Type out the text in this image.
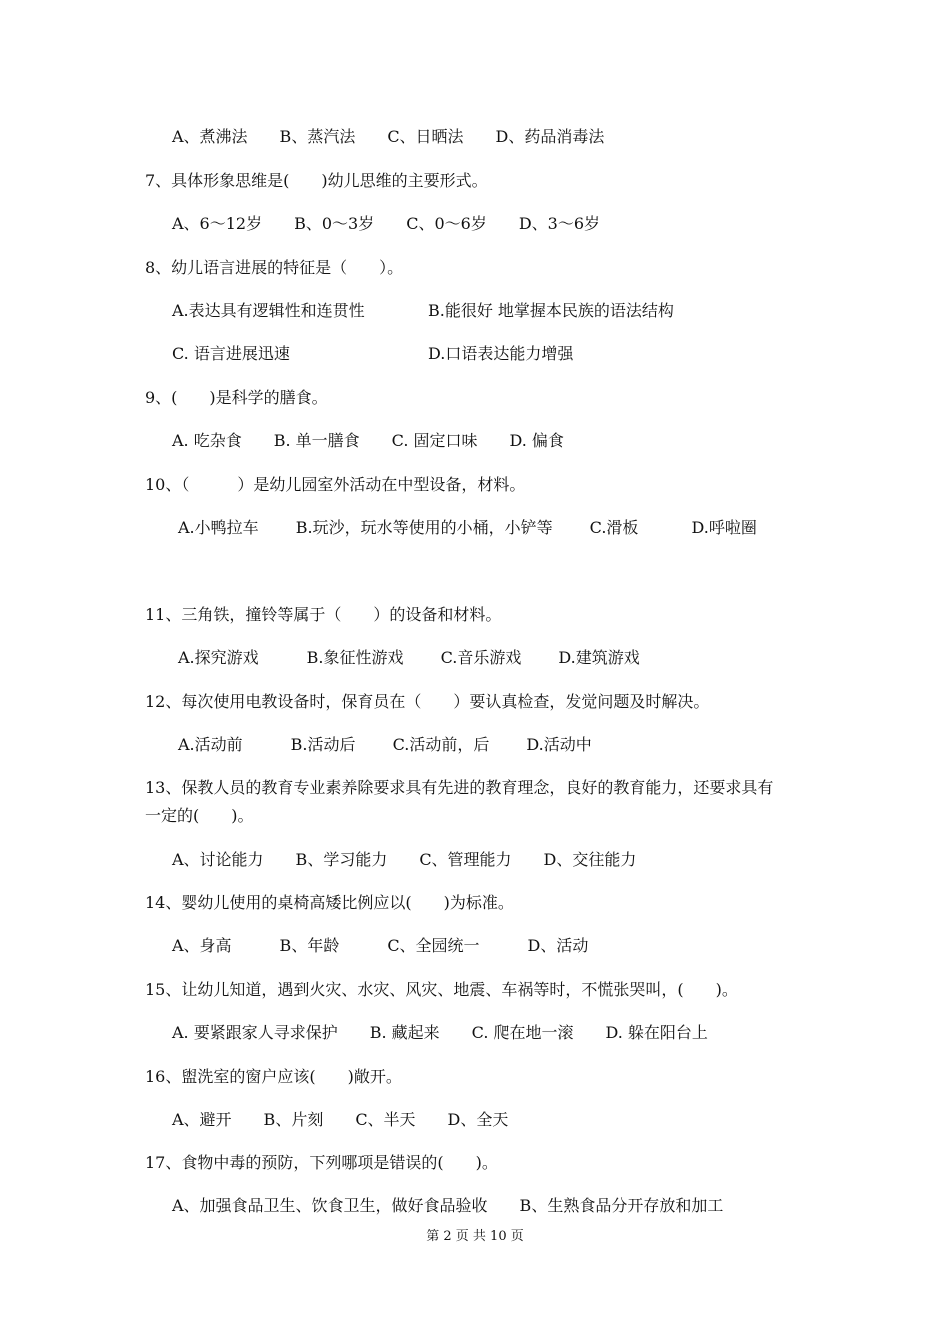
A、煮沸法　　B、蒸汽法　　C、日晒法　　D、药品消毒法
7、具体形象思维是(　　)幼儿思维的主要形式。
A、6～12岁　　B、0～3岁　　C、0～6岁　　D、3～6岁
8、幼儿语言进展的特征是（　　）。
A.表达具有逻辑性和连贯性	B.能很好 地掌握本民族的语法结构
C. 语言进展迅速	D.口语表达能力增强
9、(　　)是科学的膳食。
A. 吃杂食　　B. 单一膳食　　C. 固定口味　　D. 偏食
10、（　　　）是幼儿园室外活动在中型设备，材料。
A.小鸭拉车　　 B.玩沙，玩水等使用的小桶，小铲等　　 C.滑板　　　 D.呼啦圈
11、三角铁，撞铃等属于（　　）的设备和材料。
A.探究游戏　　　B.象征性游戏　　 C.音乐游戏　　 D.建筑游戏
12、每次使用电教设备时，保育员在（　　）要认真检查，发觉问题及时解决。
A.活动前　　　B.活动后　　 C.活动前，后　　 D.活动中
13、保教人员的教育专业素养除要求具有先进的教育理念，良好的教育能力，还要求具有
一定的(　　)。
A、讨论能力　　B、学习能力　　C、管理能力　　D、交往能力
14、婴幼儿使用的桌椅高矮比例应以(　　)为标准。
A、身高　　　B、年龄　　　C、全园统一　　　D、活动
15、让幼儿知道，遇到火灾、水灾、风灾、地震、车祸等时，不慌张哭叫，(　　)。
A. 要紧跟家人寻求保护　　B. 藏起来　　C. 爬在地一滚　　D. 躲在阳台上
16、盥洗室的窗户应该(　　)敞开。
A、避开　　B、片刻　　C、半天　　D、全天
17、食物中毒的预防，下列哪项是错误的(　　)。
A、加强食品卫生、饮食卫生，做好食品验收　　B、生熟食品分开存放和加工
第 2 页 共 10 页
